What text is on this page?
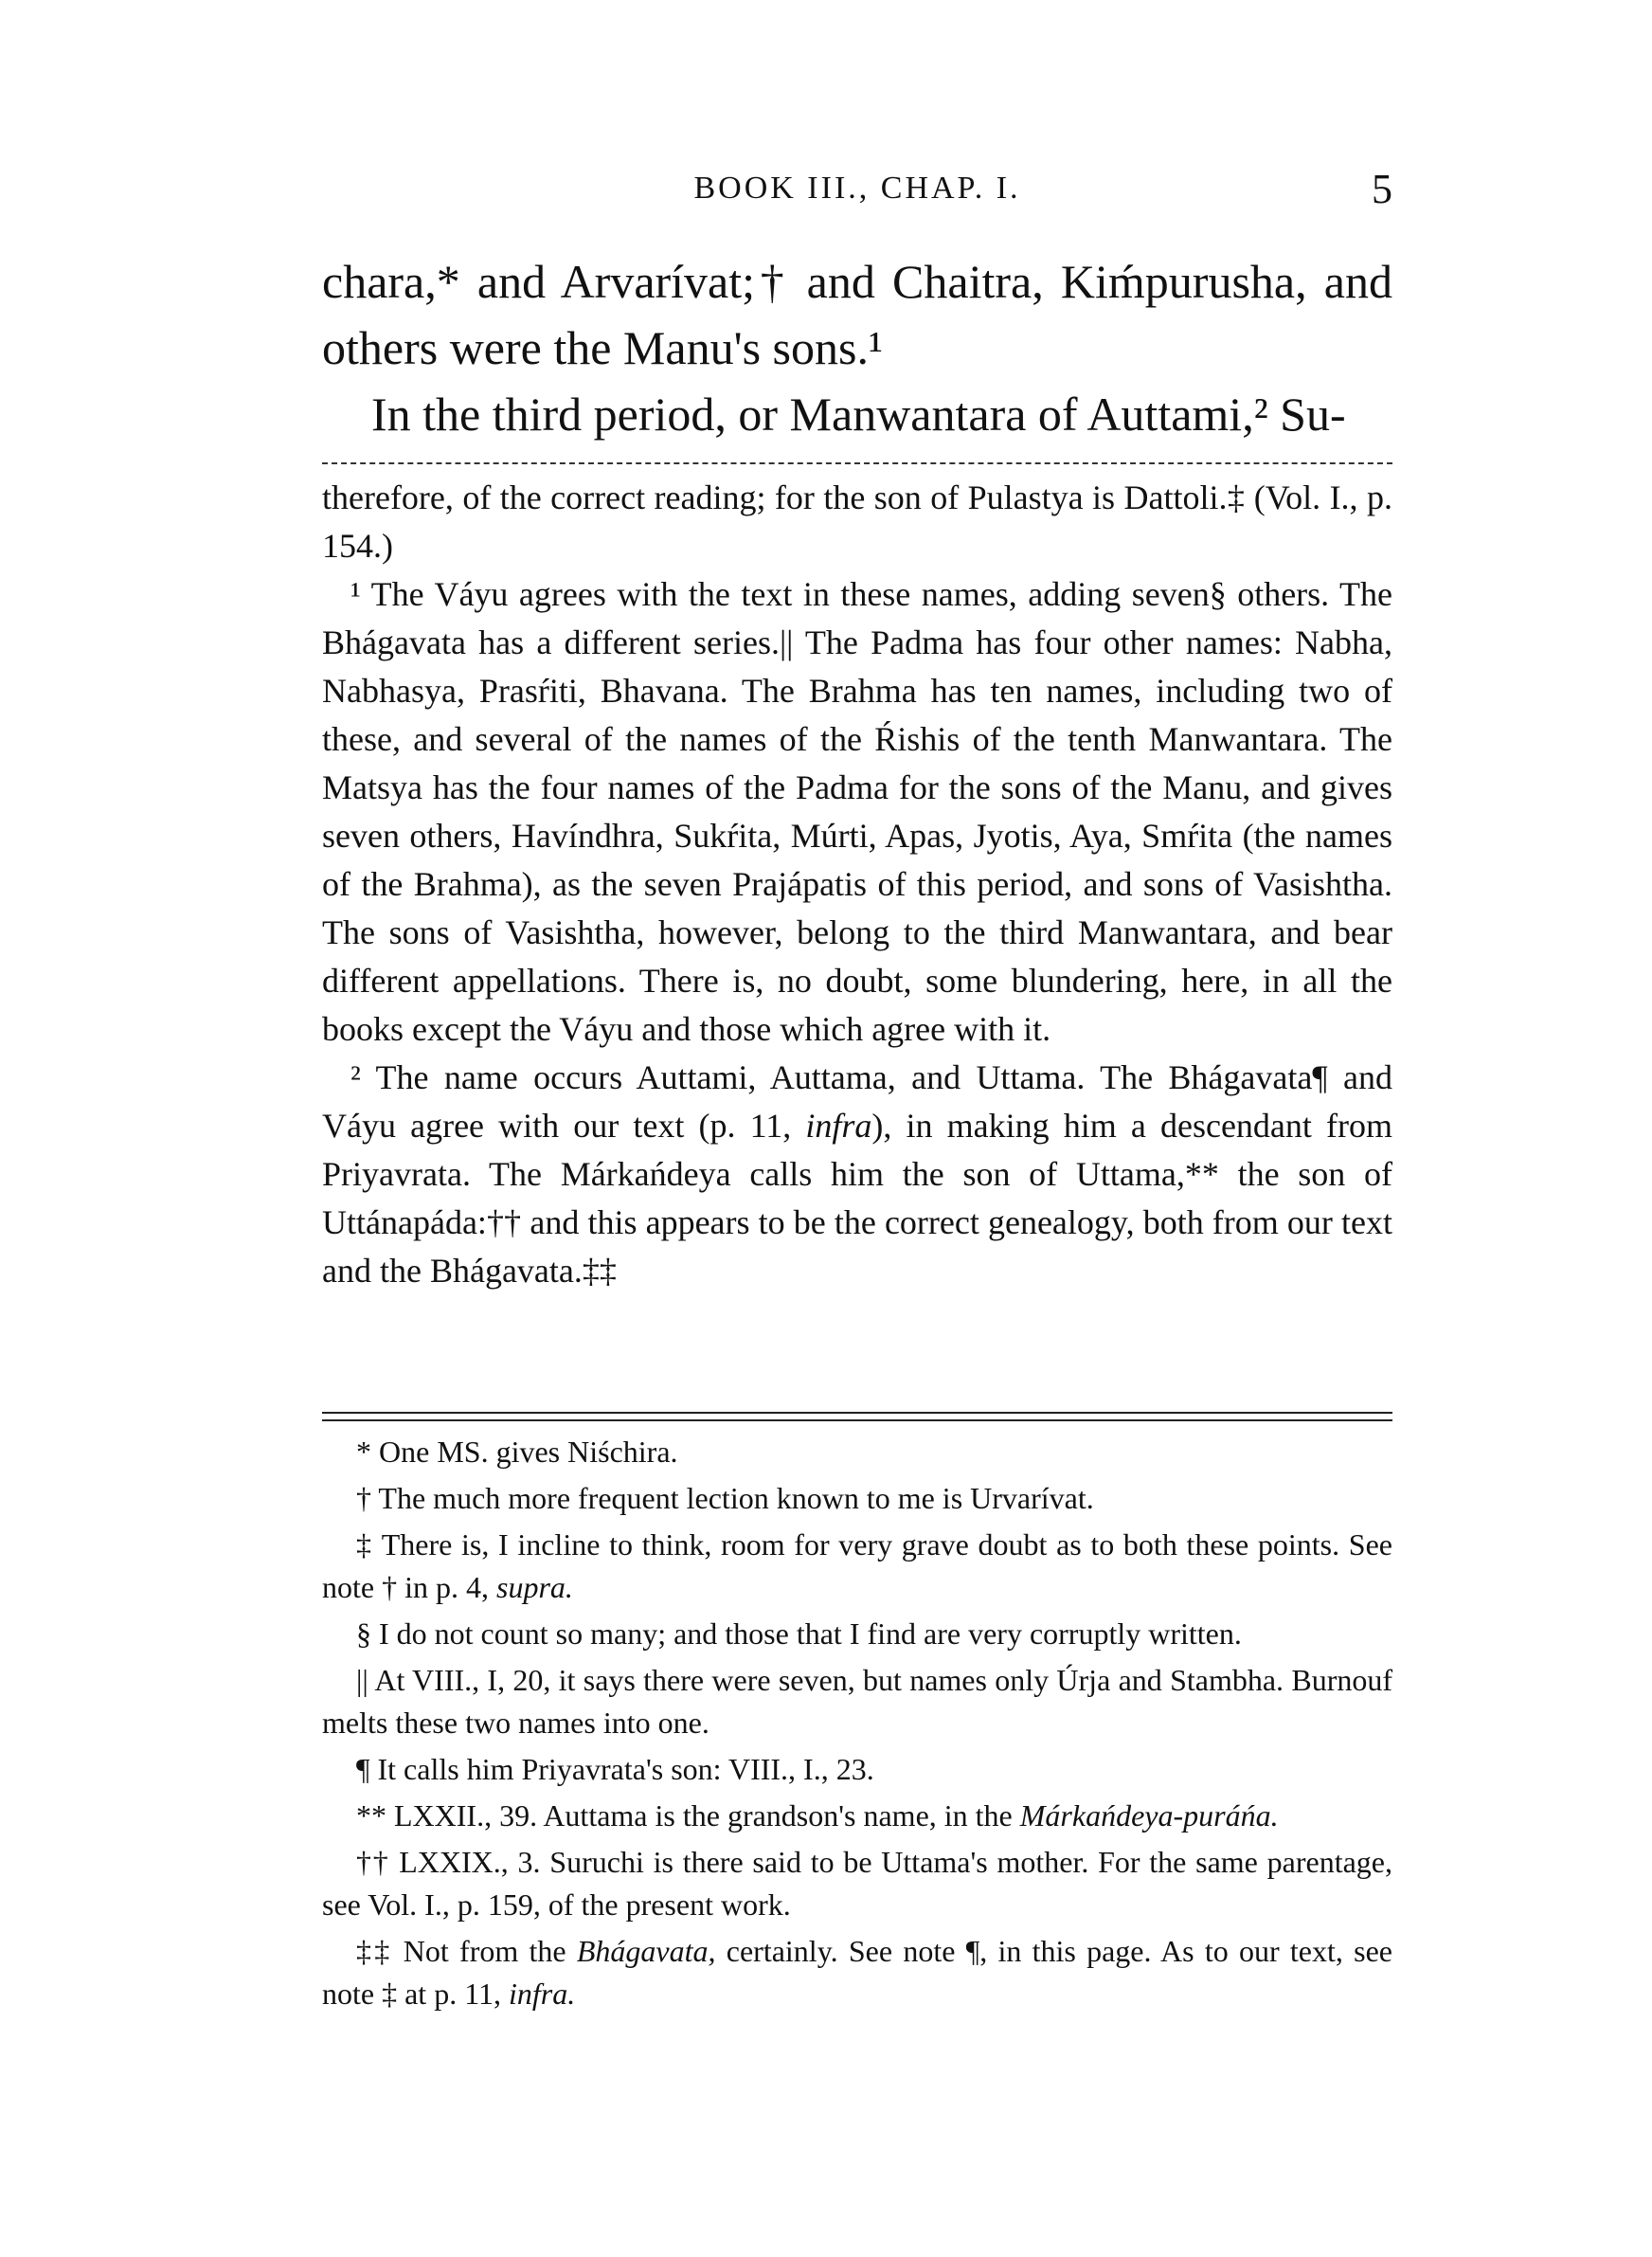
BOOK III., CHAP. I.	5

chara,* and Arvarívat;† and Chaitra, Kiḿpurusha, and others were the Manu's sons.¹

In the third period, or Manwantara of Auttami,² Su-

therefore, of the correct reading; for the son of Pulastya is Dattoli.‡ (Vol. I., p. 154.)

¹ The Váyu agrees with the text in these names, adding seven§ others. The Bhágavata has a different series.|| The Padma has four other names: Nabha, Nabhasya, Prasŕiti, Bhavana. The Brahma has ten names, including two of these, and several of the names of the Ŕishis of the tenth Manwantara. The Matsya has the four names of the Padma for the sons of the Manu, and gives seven others, Havíndhra, Sukŕita, Múrti, Apas, Jyotis, Aya, Smŕita (the names of the Brahma), as the seven Prajápatis of this period, and sons of Vasishtha. The sons of Vasishtha, however, belong to the third Manwantara, and bear different appellations. There is, no doubt, some blundering, here, in all the books except the Váyu and those which agree with it.

² The name occurs Auttami, Auttama, and Uttama. The Bhágavata¶ and Váyu agree with our text (p. 11, infra), in making him a descendant from Priyavrata. The Márkańdeya calls him the son of Uttama,** the son of Uttánapáda:†† and this appears to be the correct genealogy, both from our text and the Bhágavata.‡‡

* One MS. gives Niśchira.

† The much more frequent lection known to me is Urvarívat.

‡ There is, I incline to think, room for very grave doubt as to both these points. See note † in p. 4, supra.

§ I do not count so many; and those that I find are very corruptly written.

|| At VIII., I, 20, it says there were seven, but names only Úrja and Stambha. Burnouf melts these two names into one.

¶ It calls him Priyavrata's son: VIII., I., 23.

** LXXII., 39. Auttama is the grandson's name, in the Márkańdeya-puráńa.

†† LXXIX., 3. Suruchi is there said to be Uttama's mother. For the same parentage, see Vol. I., p. 159, of the present work.

‡‡ Not from the Bhágavata, certainly. See note ¶, in this page. As to our text, see note ‡ at p. 11, infra.
